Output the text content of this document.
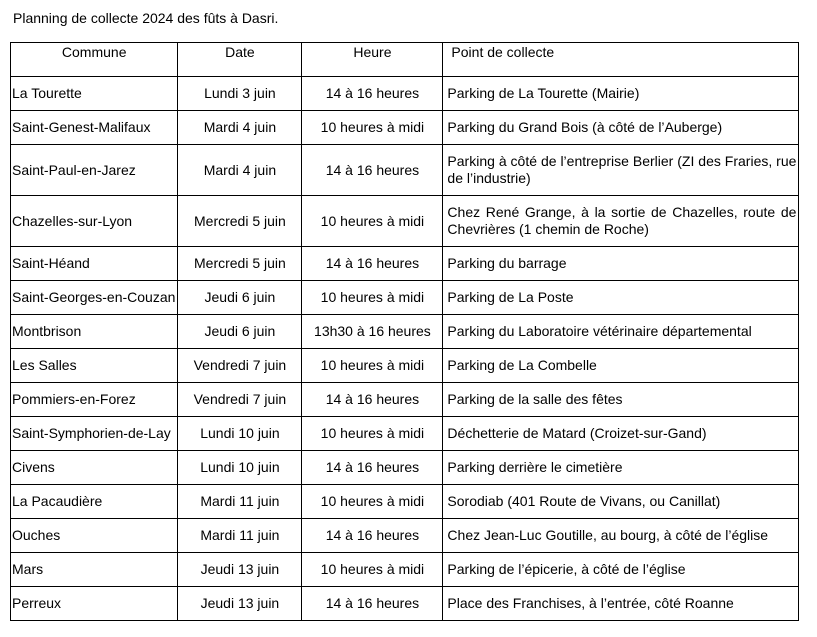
Planning de collecte 2024 des fûts à Dasri.
Commune	Date	Heure	Point de collecte
La Tourette	Lundi 3 juin	14 à 16 heures	Parking de La Tourette (Mairie)
Saint-Genest-Malifaux	Mardi 4 juin	10 heures à midi	Parking du Grand Bois (à côté de l’Auberge)
Saint-Paul-en-Jarez	Mardi 4 juin	14 à 16 heures	Parking à côté de l’entreprise Berlier (ZI des Fraries, rue de l’industrie)

Chazelles-sur-Lyon	Mercredi 5 juin	10 heures à midi	Chez René Grange, à la sortie de Chazelles, route de Chevrières (1 chemin de Roche)

Saint-Héand	Mercredi 5 juin	14 à 16 heures	Parking du barrage
Saint-Georges-en-Couzan	Jeudi 6 juin	10 heures à midi	Parking de La Poste
Montbrison	Jeudi 6 juin	13h30 à 16 heures	Parking du Laboratoire vétérinaire départemental
Les Salles	Vendredi 7 juin	10 heures à midi	Parking de La Combelle
Pommiers-en-Forez	Vendredi 7 juin	14 à 16 heures	Parking de la salle des fêtes
Saint-Symphorien-de-Lay	Lundi 10 juin	10 heures à midi	Déchetterie de Matard (Croizet-sur-Gand)
Civens	Lundi 10 juin	14 à 16 heures	Parking derrière le cimetière
La Pacaudière	Mardi 11 juin	10 heures à midi	Sorodiab (401 Route de Vivans, ou Canillat)
Ouches	Mardi 11 juin	14 à 16 heures	Chez Jean-Luc Goutille, au bourg, à côté de l’église
Mars	Jeudi 13 juin	10 heures à midi	Parking de l’épicerie, à côté de l’église
Perreux	Jeudi 13 juin	14 à 16 heures	Place des Franchises, à l’entrée, côté Roanne
